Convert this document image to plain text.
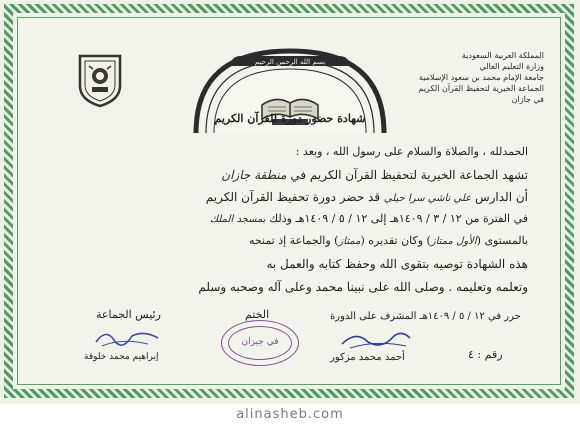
المملكة العربية السعودية
وزارة التعليم العالي
جامعة الإمام محمد بن سعود الإسلامية
الجماعة الخيرية لتحفيظ القرآن الكريم
في جازان
بسم الله الرحمن الرحيم
شهادة حضور دورة للقرآن الكريم
الحمدلله ، والصلاة والسلام على رسول الله ، وبعد :
تشهد الجماعة الخيرية لتحفيظ القرآن الكريم في منطقة جازان
أن الدارس علي ناشي سرا حيلي قد حضر دورة تحفيظ القرآن الكريم
في الفترة من ١٢ / ٣ / ١٤٠٩هـ إلى ١٢ / ٥ / ١٤٠٩هـ وذلك بمسجد الملك
بالمستوى (الأول ممتاز) وكان تقديره (ممتاز) والجماعة إذ تمنحه
هذه الشهادة توصيه بتقوى الله وحفظ كتابه والعمل به
وتعلمه وتعليمه . وصلى الله على نبينا محمد وعلى آله وصحبه وسلم
رئيس الجماعة
إبراهيم محمد خلوفة
الختم
في جيزان
حرر في ١٢ / ٥ / ١٤٠٩هـ المشرف على الدورة
أحمد محمد مزكور	رقم : ٤
alinasheb.com
